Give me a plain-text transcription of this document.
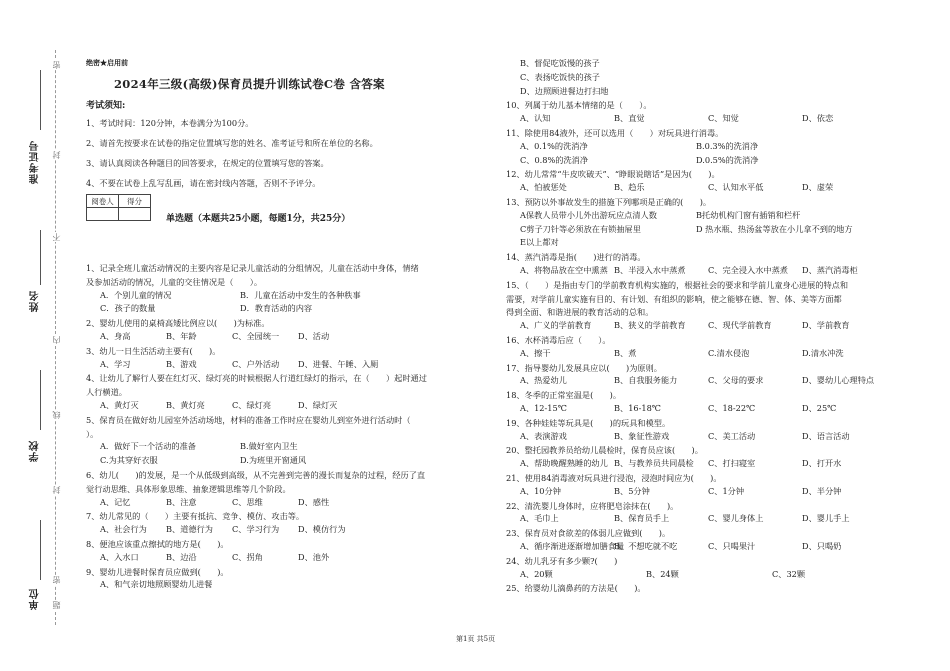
准考证号
姓名
学校
单位
密
封
不
内
线
封
密
题
绝密★启用前
2024年三级(高级)保育员提升训练试卷C卷 含答案
考试须知:
1、考试时间：120分钟，本卷满分为100分。
2、请首先按要求在试卷的指定位置填写您的姓名、准考证号和所在单位的名称。
3、请认真阅读各种题目的回答要求，在规定的位置填写您的答案。
4、不要在试卷上乱写乱画，请在密封线内答题，否则不予评分。
阅卷人	得分

单选题（本题共25小题，每题1分，共25分）
1、记录全班儿童活动情况的主要内容是记录儿童活动的分组情况，儿童在活动中身体，情绪
及参加活动的情况，儿童的交往情况是（　　）。
A．个别儿童的情况	B．儿童在活动中发生的各种秩事
C．孩子的数量	D．教育活动的内容
2、婴幼儿使用的桌椅高矮比例应以(　　)为标准。
A、身高	B、年龄	C、全园统一	D、活动
3、幼儿一日生活活动主要有(　　)。
A、学习	B、游戏	C、户外活动	D、进餐、午睡、入厕
4、让幼儿了解行人要在红灯灭、绿灯亮的时候根据人行道红绿灯的指示，在（　　）起时通过
人行横道。
A、黄灯灭	B、黄灯亮	C、绿灯亮	D、绿灯灭
5、保育员在做好幼儿园室外活动场地，材料的准备工作时应在婴幼儿到室外进行活动时（
）。
A．做好下一个活动的准备	B.做好室内卫生
C.为其穿好衣服	D.为班里开窗通风
6、幼儿(　　)的发展，是一个从低级到高级，从不完善到完善的漫长而复杂的过程，经历了直
觉行动思维、具体形象思维、抽象逻辑思维等几个阶段。
A、记忆	B、注意	C、思维	D、感性
7、幼儿常见的（　　）主要有抵抗、竞争、模仿、攻击等。
A、社会行为	B、道德行为	C、学习行为	D、模仿行为
8、便池应该重点擦拭的地方是(　　)。
A、入水口	B、边沿	C、拐角	D、池外
9、婴幼儿进餐时保育员应做到(　　)。
A、和气亲切地照顾婴幼儿进餐
B、督促吃饭慢的孩子
C、表扬吃饭快的孩子
D、边照顾进餐边打扫地
10、列属于幼儿基本情绪的是（　　）。
A、认知	B、直觉	C、知觉	D、依恋
11、除使用84液外，还可以选用（　　）对玩具进行消毒。
A、0.1%的洗消净	B.0.3%的洗消净
C、0.8%的洗消净	D.0.5%的洗消净
12、幼儿常常“牛皮吹破天”、“睁眼说瞎话”是因为(　　)。
A、怕被惩处	B、趋乐	C、认知水平低	D、虚荣
13、预防以外事故发生的措施下列哪项是正确的(　　)。
A保教人员带小儿外出游玩应点清人数	B托幼机构门窗有插销和栏杆
C剪子刀针等必须放在有锁抽屉里	D 热水瓶、热汤盆等放在小儿拿不到的地方
E以上都对
14、蒸汽消毒是指(　　)进行的消毒。
A、将物品放在空中熏蒸 B、半浸入水中蒸煮	C、完全浸入水中蒸煮	D、蒸汽消毒柜
15、（　　）是指由专门的学前教育机构实施的，根据社会的要求和学前儿童身心进展的特点和
需要，对学前儿童实施有目的、有计划、有组织的影响，使之能够在德、智、体、美等方面都
得到全面、和谐进展的教育活动的总和。
A、广义的学前教育	B、狭义的学前教育	C、现代学前教育	D、学前教育
16、水杯消毒后应（　　）。
A、擦干	B、煮	C.清水侵泡	D.清水冲洗
17、指导婴幼儿发展具应以(　　)为原则。
A、热爱幼儿	B、自我服务能力	C、父母的要求	D、婴幼儿心理特点
18、冬季的正常室温是(　　)。
A、12-15℃	B、16-18℃	C、18-22℃	D、25℃
19、各种娃娃等玩具是(　　)的玩具和模型。
A、表演游戏	B、象征性游戏	C、美工活动	D、语言活动
20、整托园教养员给幼儿晨检时，保育员应该(　　)。
A、帮助晚醒熟睡的幼儿 B、与教养员共同晨检	C、打扫寝室	D、打开水
21、使用84消毒液对玩具进行浸泡，浸泡时间应为(　　)。
A、10分钟	B、5分钟	C、1分钟	D、半分钟
22、清洗婴儿身体时，应将肥皂涂抹在(　　)。
A、毛巾上	B、保育员手上	C、婴儿身体上	D、婴儿手上
23、保育员对食欲差的体弱儿应做到(　　)。
A、循序渐进逐渐增加膳食量
B、不想吃就不吃	C、只喝果汁	D、只喝奶
24、幼儿乳牙有多少颗?(　　)
A、20颗	B、24颗	C、32颗
25、给婴幼儿滴鼻药的方法是(　　)。
第1页 共5页
